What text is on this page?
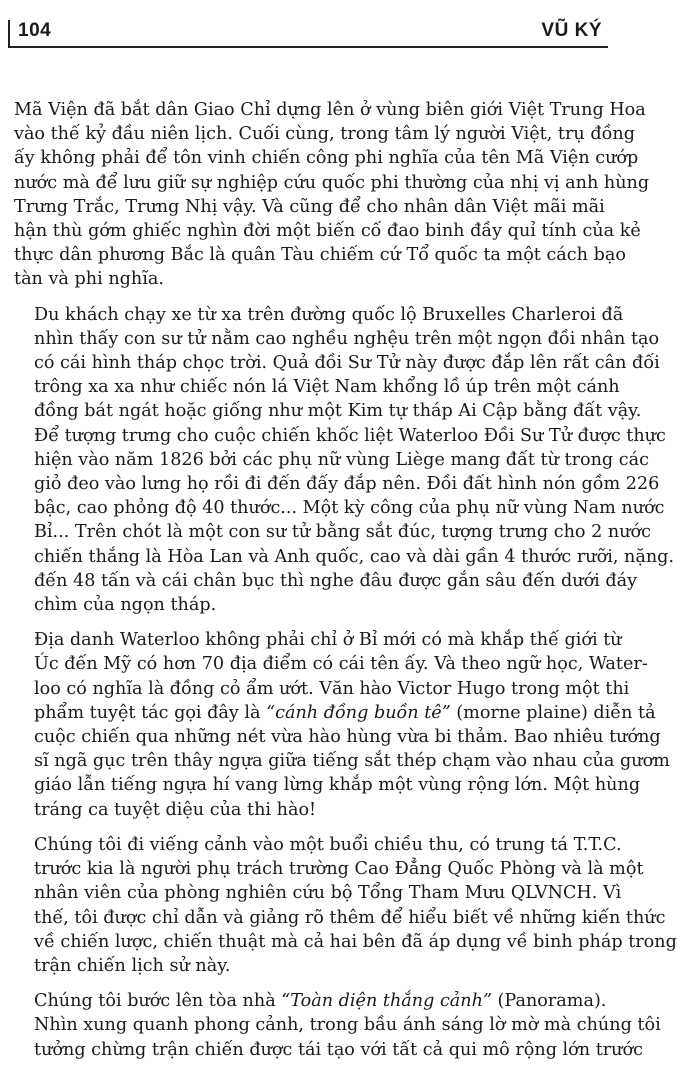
104	VŨ KÝ

Mã Viện đã bắt dân Giao Chỉ dựng lên ở vùng biên giới Việt Trung Hoa
vào thế kỷ đầu niên lịch. Cuối cùng, trong tâm lý người Việt, trụ đồng
ấy không phải để tôn vinh chiến công phi nghĩa của tên Mã Viện cướp
nước mà để lưu giữ sự nghiệp cứu quốc phi thường của nhị vị anh hùng
Trưng Trắc, Trưng Nhị vậy. Và cũng để cho nhân dân Việt mãi mãi
hận thù gớm ghiếc nghìn đời một biến cố đao binh đầy quỉ tính của kẻ
thực dân phương Bắc là quân Tàu chiếm cứ Tổ quốc ta một cách bạo
tàn và phi nghĩa.

Du khách chạy xe từ xa trên đường quốc lộ Bruxelles Charleroi đã
nhìn thấy con sư tử nằm cao nghều nghệu trên một ngọn đồi nhân tạo
có cái hình tháp chọc trời. Quả đồi Sư Tử này được đắp lên rất cân đối
trông xa xa như chiếc nón lá Việt Nam khổng lồ úp trên một cánh
đồng bát ngát hoặc giống như một Kim tự tháp Ai Cập bằng đất vậy.
Để tượng trưng cho cuộc chiến khốc liệt Waterloo Đồi Sư Tử được thực
hiện vào năm 1826 bởi các phụ nữ vùng Liège mang đất từ trong các
giỏ đeo vào lưng họ rồi đi đến đấy đắp nên. Đồi đất hình nón gồm 226
bậc, cao phỏng độ 40 thước... Một kỳ công của phụ nữ vùng Nam nước
Bỉ... Trên chót là một con sư tử bằng sắt đúc, tượng trưng cho 2 nước
chiến thắng là Hòa Lan và Anh quốc, cao và dài gần 4 thước rưỡi, nặng.
đến 48 tấn và cái chân bục thì nghe đâu được gắn sâu đến dưới đáy
chìm của ngọn tháp.

Địa danh Waterloo không phải chỉ ở Bỉ mới có mà khắp thế giới từ
Úc đến Mỹ có hơn 70 địa điểm có cái tên ấy. Và theo ngữ học, Water-
loo có nghĩa là đồng cỏ ẩm ướt. Văn hào Victor Hugo trong một thi
phẩm tuyệt tác gọi đây là “cánh đồng buồn tê” (morne plaine) diễn tả
cuộc chiến qua những nét vừa hào hùng vừa bi thảm. Bao nhiêu tướng
sĩ ngã gục trên thây ngựa giữa tiếng sắt thép chạm vào nhau của gươm
giáo lẫn tiếng ngựa hí vang lừng khắp một vùng rộng lớn. Một hùng
tráng ca tuyệt diệu của thi hào!

Chúng tôi đi viếng cảnh vào một buổi chiều thu, có trung tá T.T.C.
trước kia là người phụ trách trường Cao Đẳng Quốc Phòng và là một
nhân viên của phòng nghiên cứu bộ Tổng Tham Mưu QLVNCH. Vì
thế, tôi được chỉ dẫn và giảng rõ thêm để hiểu biết về những kiến thức
về chiến lược, chiến thuật mà cả hai bên đã áp dụng về binh pháp trong
trận chiến lịch sử này.

Chúng tôi bước lên tòa nhà “Toàn diện thắng cảnh” (Panorama).
Nhìn xung quanh phong cảnh, trong bầu ánh sáng lờ mờ mà chúng tôi
tưởng chừng trận chiến được tái tạo với tất cả qui mô rộng lớn trước
